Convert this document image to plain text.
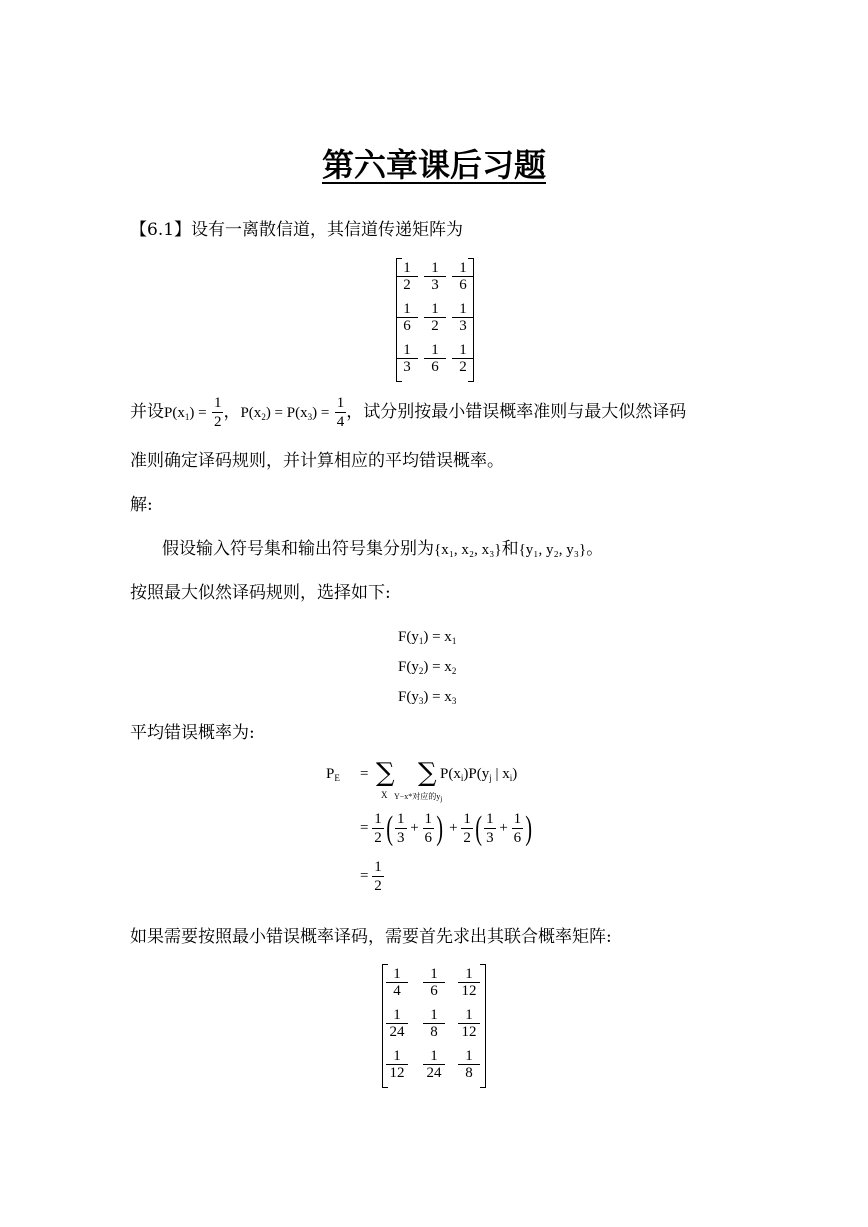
第六章课后习题
【6.1】设有一离散信道，其信道传递矩阵为
$\frac{1}{2}$
$\frac{1}{3}$
$\frac{1}{6}$
$\frac{1}{6}$
$\frac{1}{2}$
$\frac{1}{3}$
$\frac{1}{3}$
$\frac{1}{6}$
$\frac{1}{2}$
并设$P(x_1) = \frac{1}{2}$ ，$P(x_2) = P(x_3) = \frac{1}{4}$ ，试分别按最小错误概率准则与最大似然译码
准则确定译码规则，并计算相应的平均错误概率。
解:
假设输入符号集和输出符号集分别为{x₁, x₂, x₃}和{y₁, y₂, y₃}。
按照最大似然译码规则，选择如下:
$F(y_1) = x_1$
$F(y_2) = x_2$
$F(y_3) = x_3$
平均错误概率为:
$P_E$ = ∑
X
∑
Y−x*对应的yj
$P(x_i)P(y_j$ | $x_i$)
= $\frac{1}{2}$ ( $\frac{1}{3} + \frac{1}{6}$ ) + $\frac{1}{2}$ ( $\frac{1}{3} + \frac{1}{6}$ )
= $\frac{1}{2}$
如果需要按照最小错误概率译码，需要首先求出其联合概率矩阵:
$\frac{1}{4} \frac{1}{6} \frac{1}{12}$
$\frac{1}{24} \frac{1}{8} \frac{1}{12}$
$\frac{1}{12} \frac{1}{24} \frac{1}{8}$
